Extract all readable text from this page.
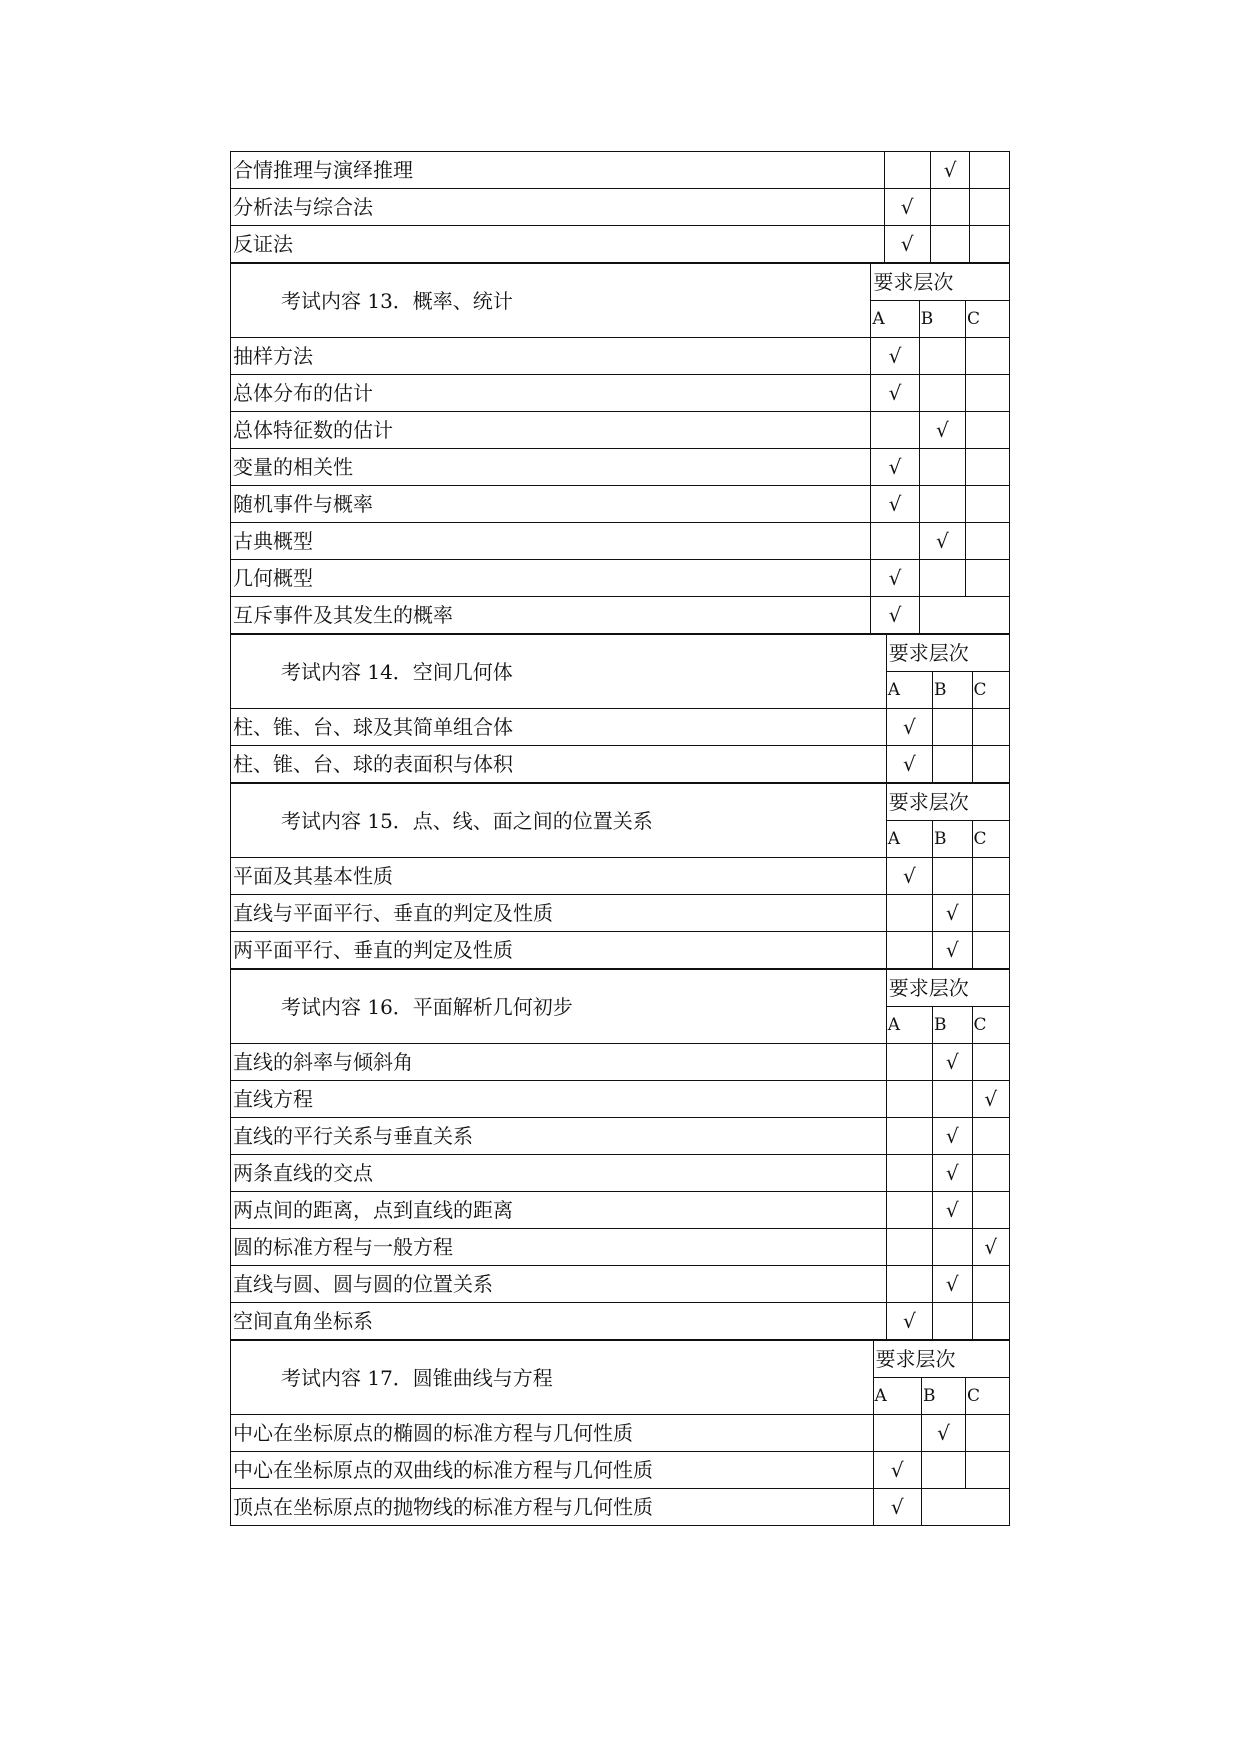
合情推理与演绎推理		√	
分析法与综合法	√		
反证法	√		
考试内容 13．概率、统计	要求层次		
	A	B	C
抽样方法	√		
总体分布的估计	√		
总体特征数的估计		√	
变量的相关性	√		
随机事件与概率	√		
古典概型		√	
几何概型	√		
互斥事件及其发生的概率	√		
考试内容 14．空间几何体	要求层次		
	A	B	C
柱、锥、台、球及其简单组合体	√		
柱、锥、台、球的表面积与体积	√		
考试内容 15．点、线、面之间的位置关系	要求层次		
	A	B	C
平面及其基本性质	√		
直线与平面平行、垂直的判定及性质		√	
两平面平行、垂直的判定及性质		√	
考试内容 16．平面解析几何初步	要求层次		
	A	B	C
直线的斜率与倾斜角		√	
直线方程			√
直线的平行关系与垂直关系		√	
两条直线的交点		√	
两点间的距离，点到直线的距离		√	
圆的标准方程与一般方程			√
直线与圆、圆与圆的位置关系		√	
空间直角坐标系	√		
考试内容 17．圆锥曲线与方程	要求层次		
	A	B	C
中心在坐标原点的椭圆的标准方程与几何性质		√	
中心在坐标原点的双曲线的标准方程与几何性质	√		
顶点在坐标原点的抛物线的标准方程与几何性质	√		
